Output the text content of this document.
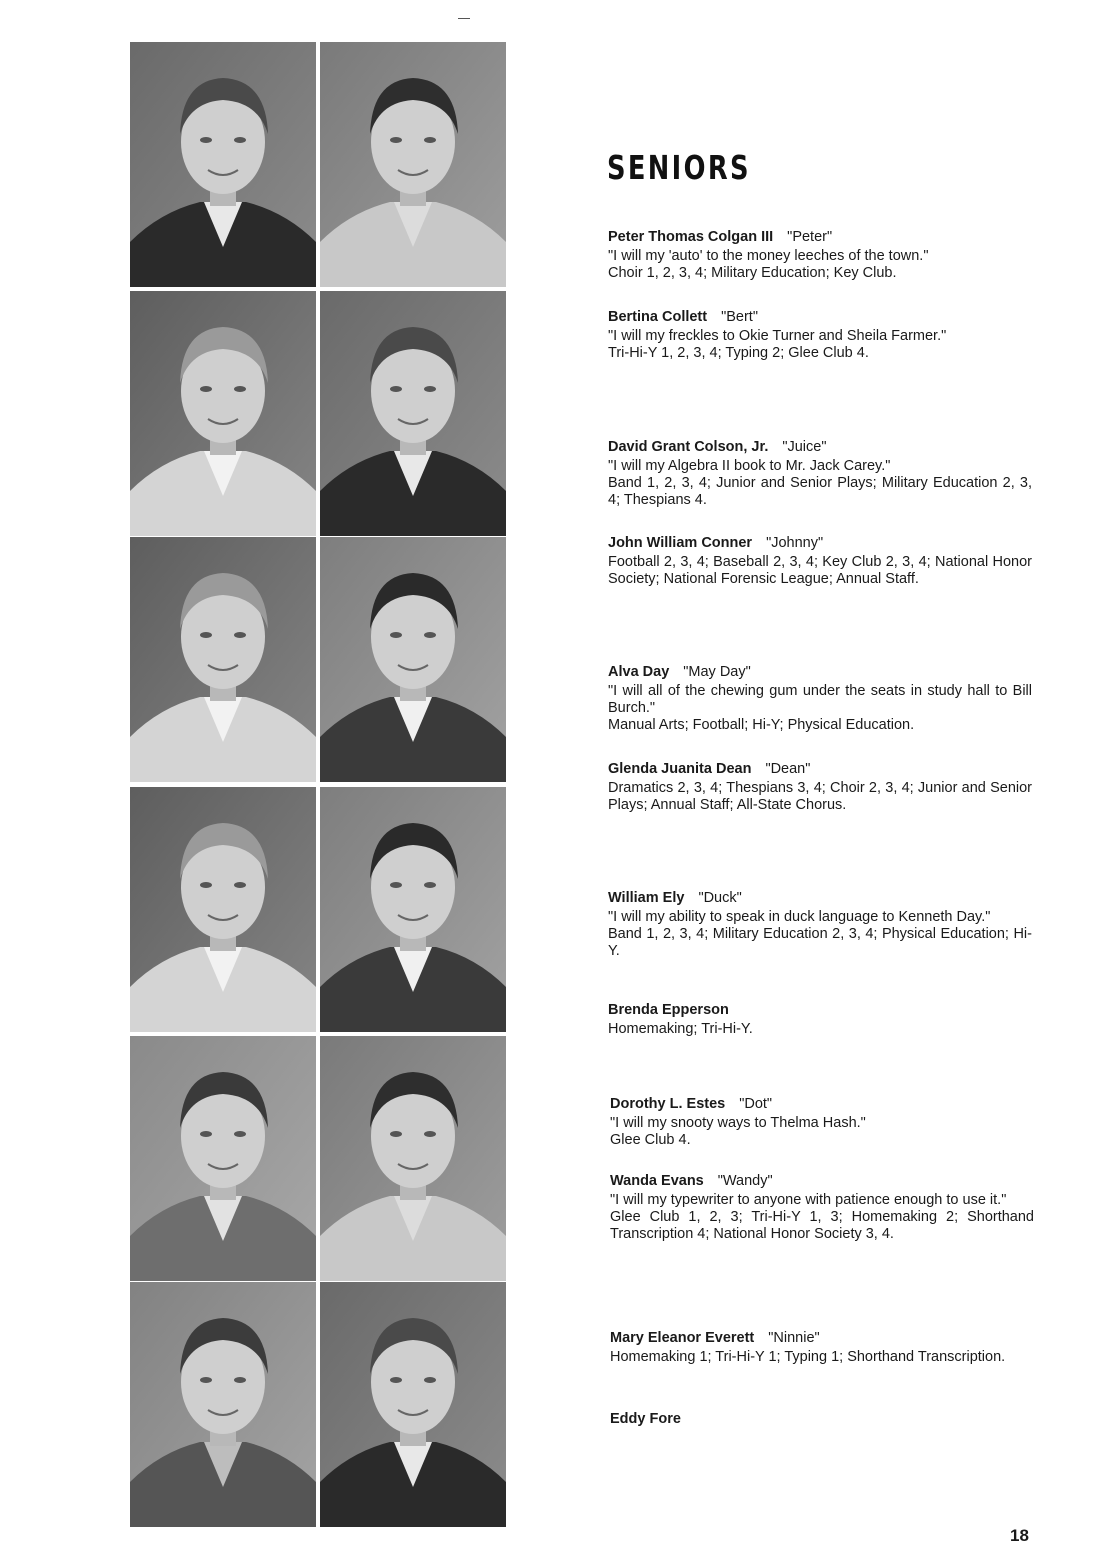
SENIORS
Peter Thomas Colgan III "Peter"

"I will my 'auto' to the money leeches of the town."

Choir 1, 2, 3, 4; Military Education; Key Club.

Bertina Collett "Bert"

"I will my freckles to Okie Turner and Sheila Farmer."

Tri-Hi-Y 1, 2, 3, 4; Typing 2; Glee Club 4.

David Grant Colson, Jr. "Juice"

"I will my Algebra II book to Mr. Jack Carey."

Band 1, 2, 3, 4; Junior and Senior Plays; Military Education 2, 3, 4; Thespians 4.

John William Conner "Johnny"

Football 2, 3, 4; Baseball 2, 3, 4; Key Club 2, 3, 4; National Honor Society; National Forensic League; Annual Staff.

Alva Day "May Day"

"I will all of the chewing gum under the seats in study hall to Bill Burch."

Manual Arts; Football; Hi-Y; Physical Education.

Glenda Juanita Dean "Dean"

Dramatics 2, 3, 4; Thespians 3, 4; Choir 2, 3, 4; Junior and Senior Plays; Annual Staff; All-State Chorus.

William Ely "Duck"

"I will my ability to speak in duck language to Kenneth Day."

Band 1, 2, 3, 4; Military Education 2, 3, 4; Physical Education; Hi-Y.

Brenda Epperson

Homemaking; Tri-Hi-Y.

Dorothy L. Estes "Dot"

"I will my snooty ways to Thelma Hash."

Glee Club 4.

Wanda Evans "Wandy"

"I will my typewriter to anyone with patience enough to use it."

Glee Club 1, 2, 3; Tri-Hi-Y 1, 3; Homemaking 2; Shorthand Transcription 4; National Honor Society 3, 4.

Mary Eleanor Everett "Ninnie"

Homemaking 1; Tri-Hi-Y 1; Typing 1; Shorthand Transcription.

Eddy Fore
18
